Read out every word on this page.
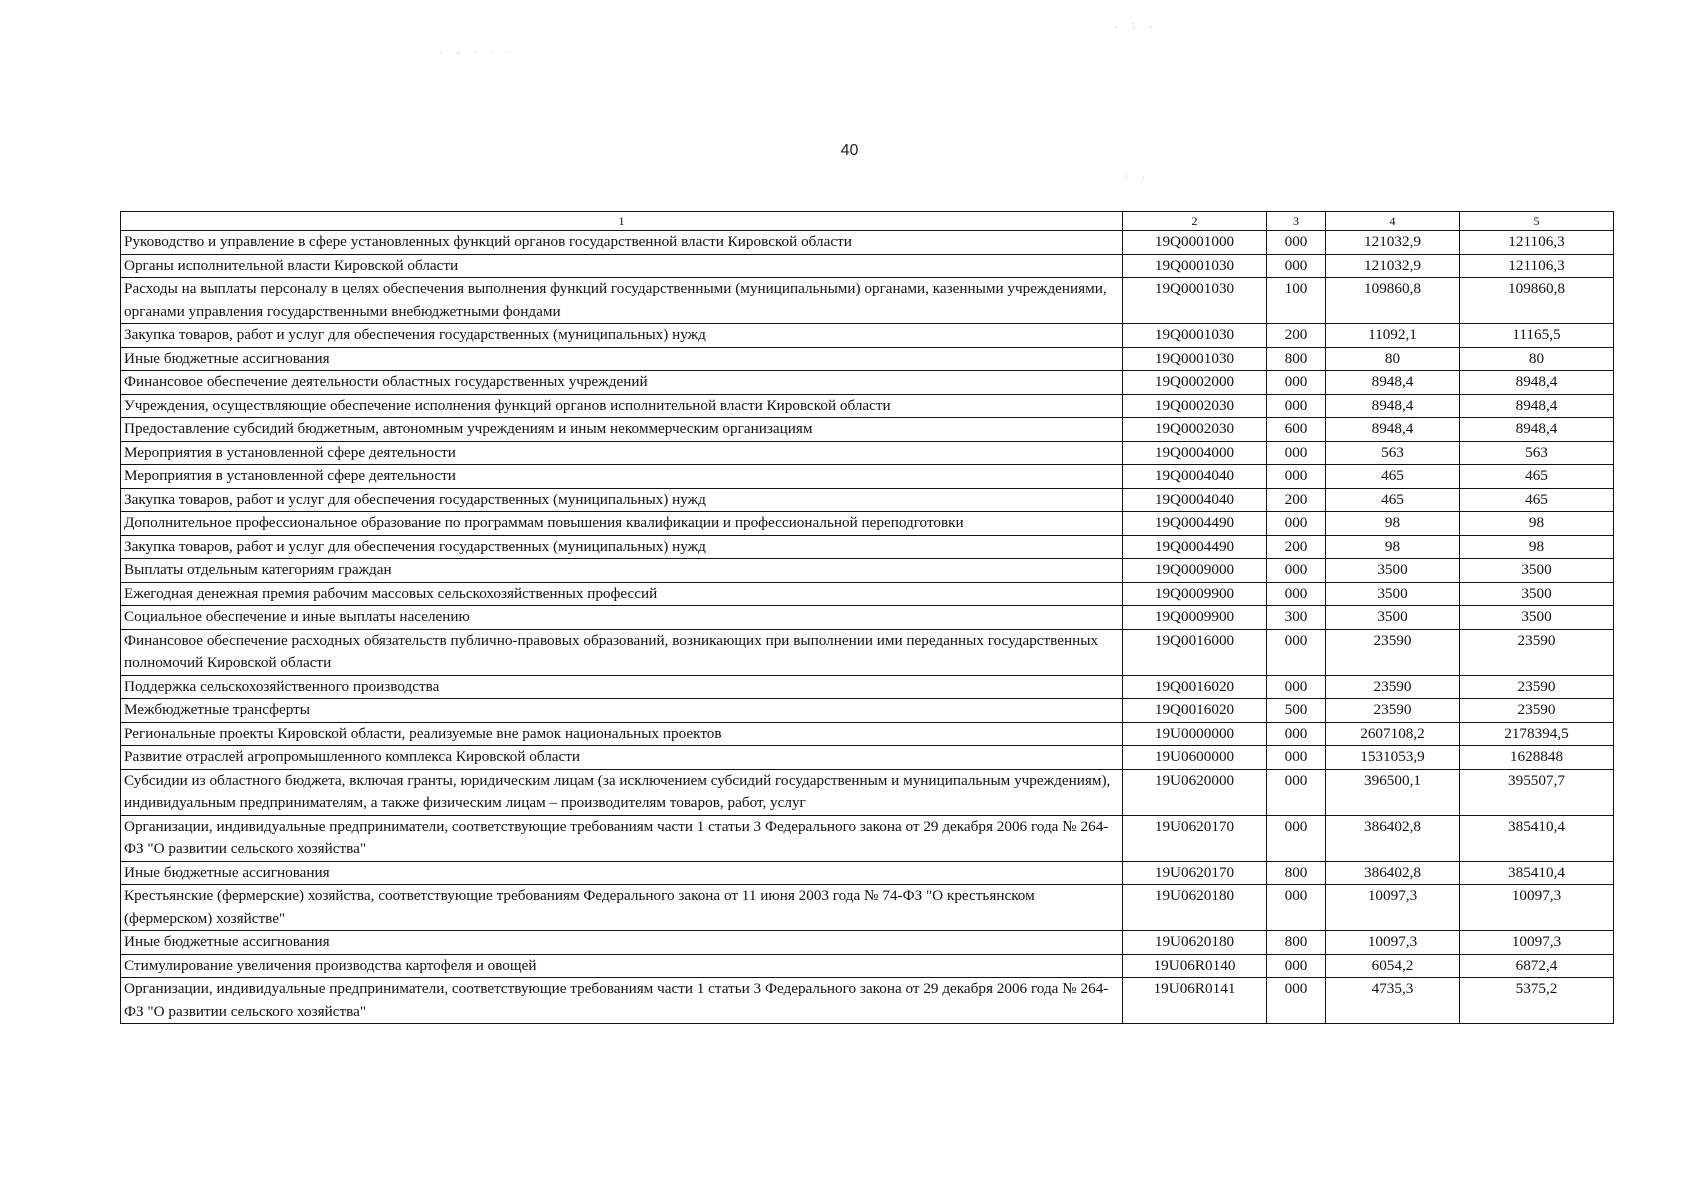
. : .
. , . . .
: .

40

1	2	3	4	5
Руководство и управление в сфере установленных функций органов государственной власти Кировской области	19Q0001000	000	121032,9	121106,3
Органы исполнительной власти Кировской области	19Q0001030	000	121032,9	121106,3
Расходы на выплаты персоналу в целях обеспечения выполнения функций государственными (муниципальными) органами, казенными учреждениями, органами управления государственными внебюджетными фондами	19Q0001030	100	109860,8	109860,8
Закупка товаров, работ и услуг для обеспечения государственных (муниципальных) нужд	19Q0001030	200	11092,1	11165,5
Иные бюджетные ассигнования	19Q0001030	800	80	80
Финансовое обеспечение деятельности областных государственных учреждений	19Q0002000	000	8948,4	8948,4
Учреждения, осуществляющие обеспечение исполнения функций органов исполнительной власти Кировской области	19Q0002030	000	8948,4	8948,4
Предоставление субсидий бюджетным, автономным учреждениям и иным некоммерческим организациям	19Q0002030	600	8948,4	8948,4
Мероприятия в установленной сфере деятельности	19Q0004000	000	563	563
Мероприятия в установленной сфере деятельности	19Q0004040	000	465	465
Закупка товаров, работ и услуг для обеспечения государственных (муниципальных) нужд	19Q0004040	200	465	465
Дополнительное профессиональное образование по программам повышения квалификации и профессиональной переподготовки	19Q0004490	000	98	98
Закупка товаров, работ и услуг для обеспечения государственных (муниципальных) нужд	19Q0004490	200	98	98
Выплаты отдельным категориям граждан	19Q0009000	000	3500	3500
Ежегодная денежная премия рабочим массовых сельскохозяйственных профессий	19Q0009900	000	3500	3500
Социальное обеспечение и иные выплаты населению	19Q0009900	300	3500	3500
Финансовое обеспечение расходных обязательств публично-правовых образований, возникающих при выполнении ими переданных государственных полномочий Кировской области	19Q0016000	000	23590	23590
Поддержка сельскохозяйственного производства	19Q0016020	000	23590	23590
Межбюджетные трансферты	19Q0016020	500	23590	23590
Региональные проекты Кировской области, реализуемые вне рамок национальных проектов	19U0000000	000	2607108,2	2178394,5
Развитие отраслей агропромышленного комплекса Кировской области	19U0600000	000	1531053,9	1628848
Субсидии из областного бюджета, включая гранты, юридическим лицам (за исключением субсидий государственным и муниципальным учреждениям), индивидуальным предпринимателям, а также физическим лицам – производителям товаров, работ, услуг	19U0620000	000	396500,1	395507,7
Организации, индивидуальные предприниматели, соответствующие требованиям части 1 статьи 3 Федерального закона от 29 декабря 2006 года № 264-ФЗ "О развитии сельского хозяйства"	19U0620170	000	386402,8	385410,4
Иные бюджетные ассигнования	19U0620170	800	386402,8	385410,4
Крестьянские (фермерские) хозяйства, соответствующие требованиям Федерального закона от 11 июня 2003 года № 74-ФЗ "О крестьянском (фермерском) хозяйстве"	19U0620180	000	10097,3	10097,3
Иные бюджетные ассигнования	19U0620180	800	10097,3	10097,3
Стимулирование увеличения производства картофеля и овощей	19U06R0140	000	6054,2	6872,4
Организации, индивидуальные предприниматели, соответствующие требованиям части 1 статьи 3 Федерального закона от 29 декабря 2006 года № 264-ФЗ "О развитии сельского хозяйства"	19U06R0141	000	4735,3	5375,2
